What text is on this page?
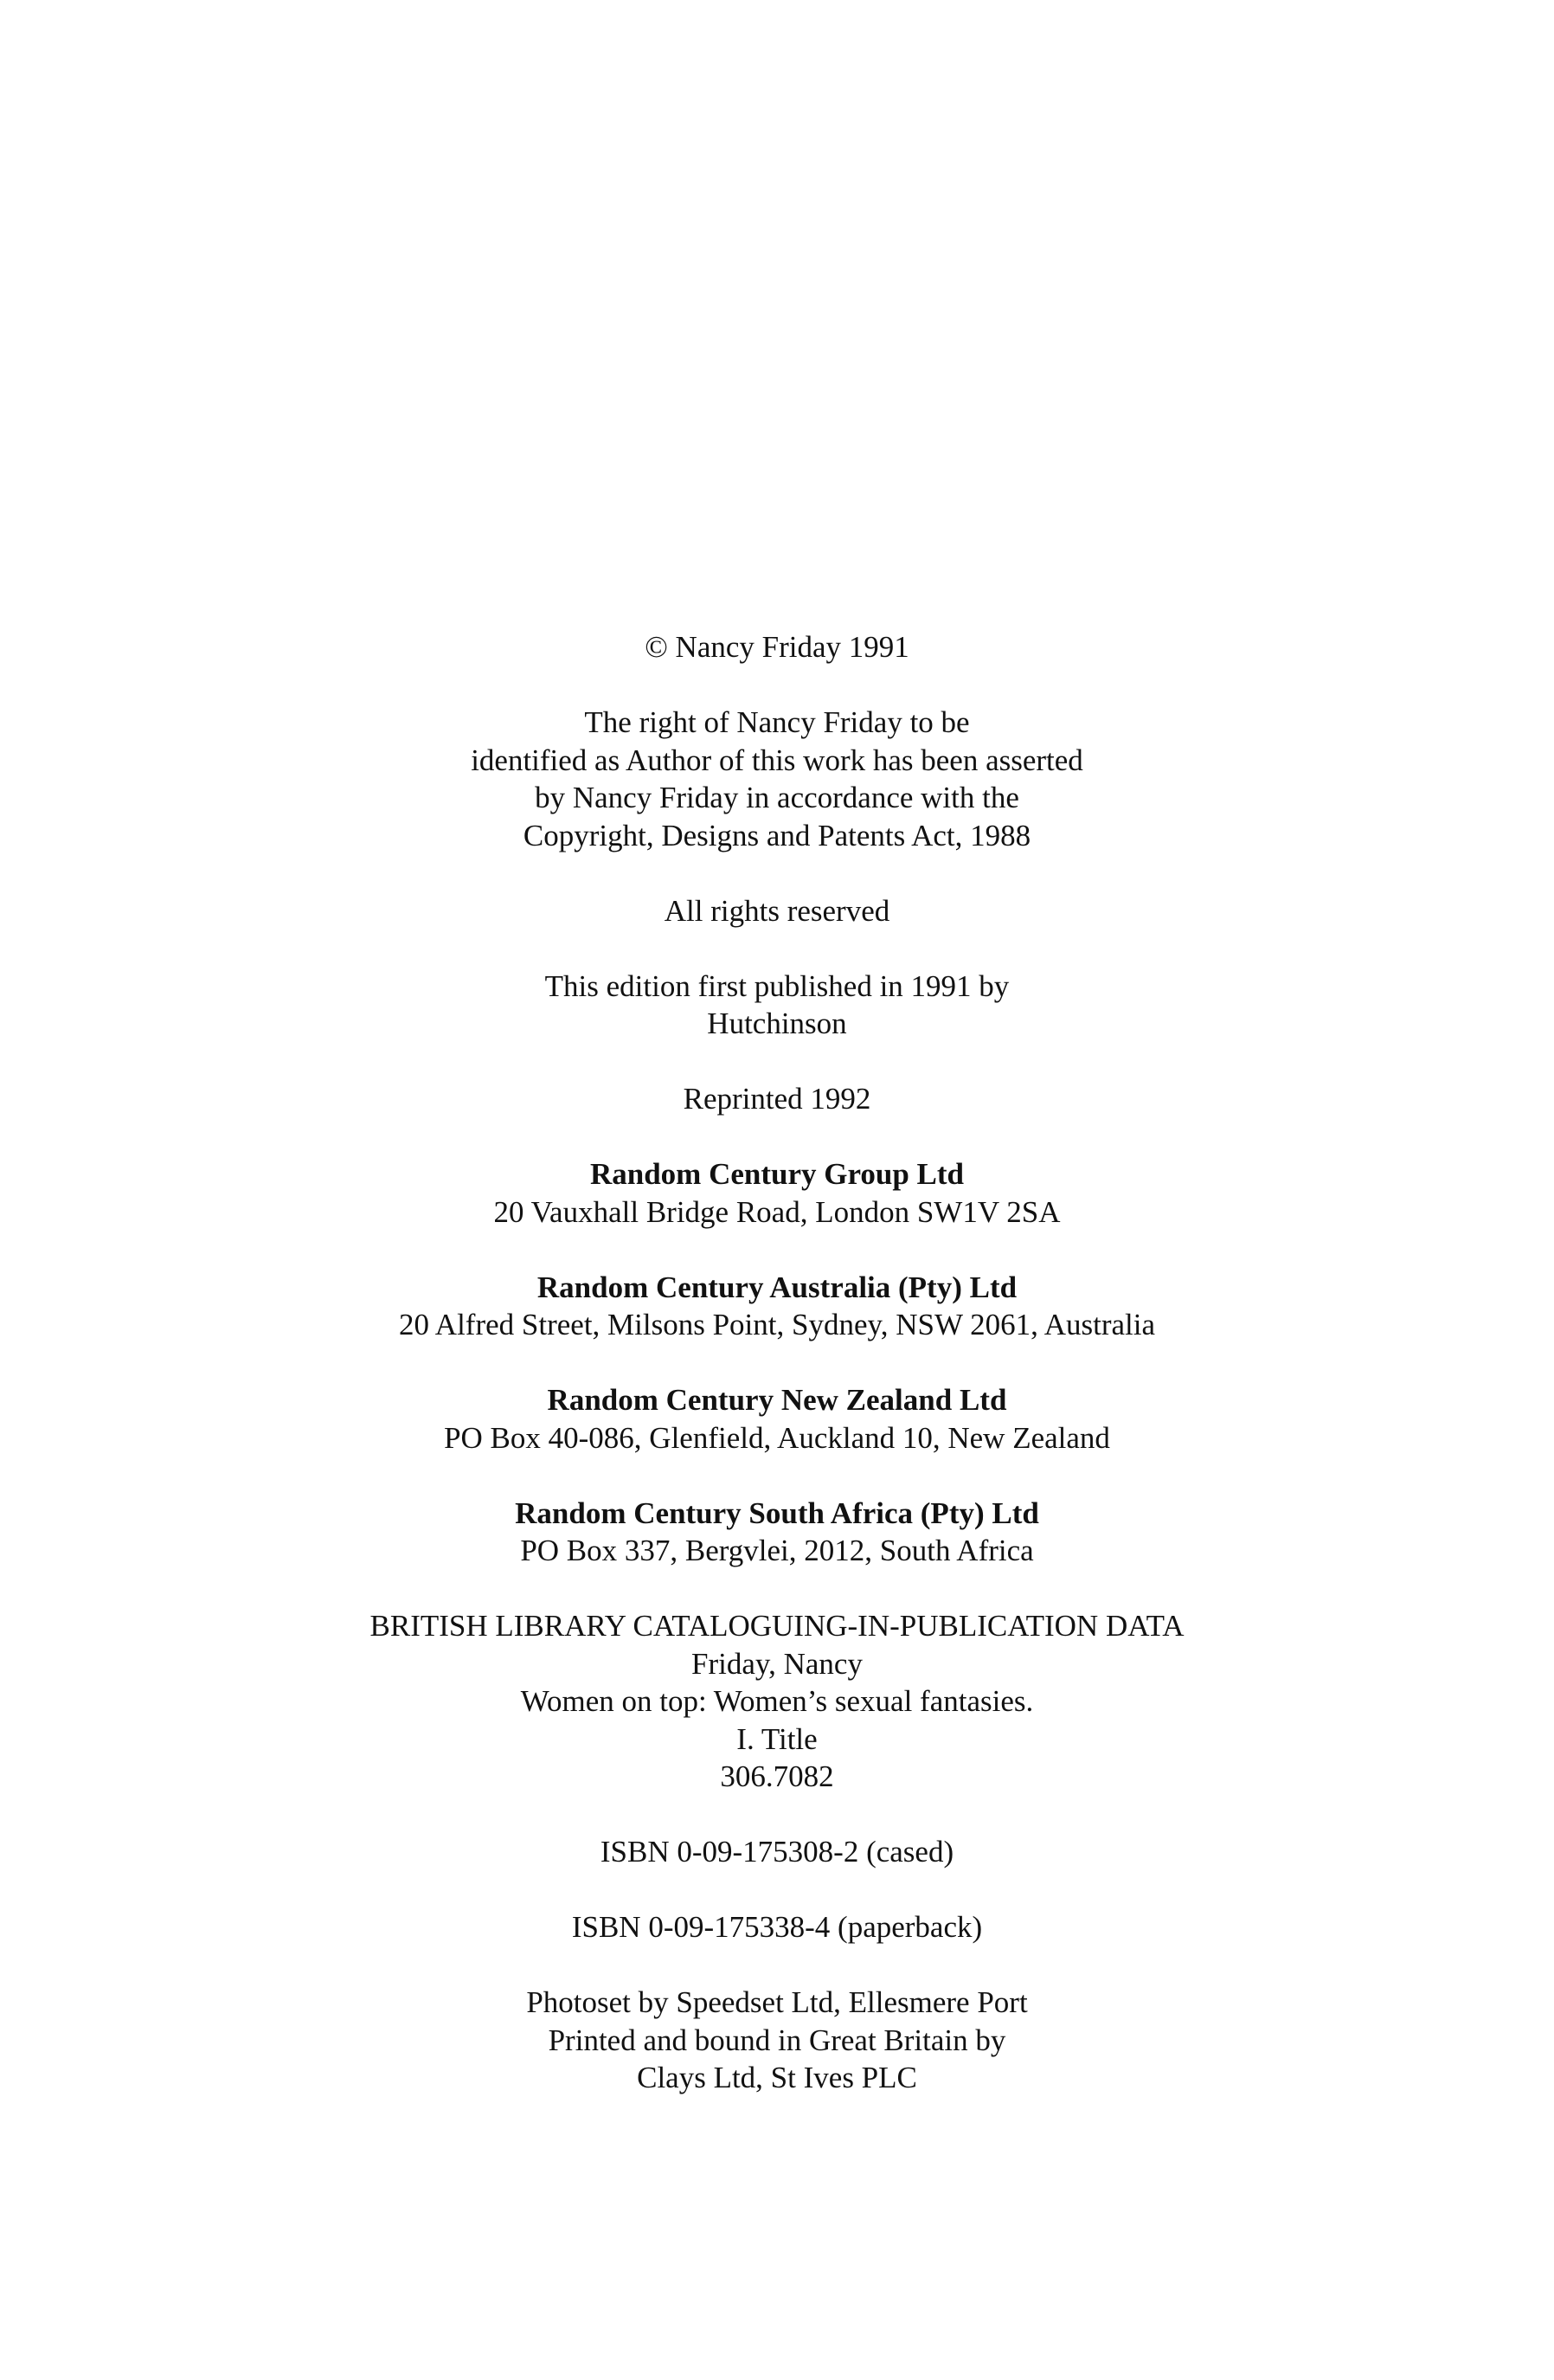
© Nancy Friday 1991
The right of Nancy Friday to be
identified as Author of this work has been asserted
by Nancy Friday in accordance with the
Copyright, Designs and Patents Act, 1988
All rights reserved
This edition first published in 1991 by
Hutchinson
Reprinted 1992
Random Century Group Ltd
20 Vauxhall Bridge Road, London SW1V 2SA
Random Century Australia (Pty) Ltd
20 Alfred Street, Milsons Point, Sydney, NSW 2061, Australia
Random Century New Zealand Ltd
PO Box 40-086, Glenfield, Auckland 10, New Zealand
Random Century South Africa (Pty) Ltd
PO Box 337, Bergvlei, 2012, South Africa
BRITISH LIBRARY CATALOGUING-IN-PUBLICATION DATA
Friday, Nancy
Women on top: Women’s sexual fantasies.
I. Title
306.7082
ISBN 0-09-175308-2 (cased)
ISBN 0-09-175338-4 (paperback)
Photoset by Speedset Ltd, Ellesmere Port
Printed and bound in Great Britain by
Clays Ltd, St Ives PLC
